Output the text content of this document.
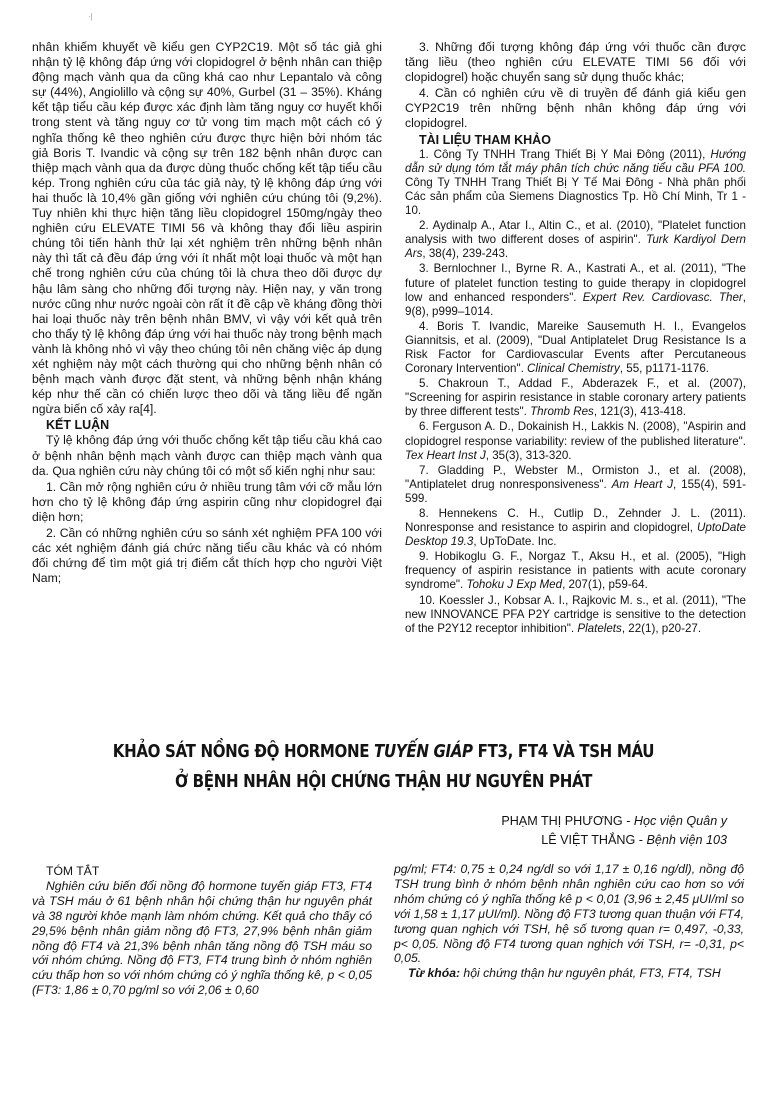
·|

nhân khiếm khuyết về kiểu gen CYP2C19. Một số tác giả ghi nhận tỷ lệ không đáp ứng với clopidogrel ở bệnh nhân can thiệp động mạch vành qua da cũng khá cao như Lepantalo và công sự (44%), Angiolillo và cộng sự 40%, Gurbel (31 – 35%). Kháng kết tập tiểu cầu kép được xác định làm tăng nguy cơ huyết khối trong stent và tăng nguy cơ tử vong tim mạch một cách có ý nghĩa thống kê theo nghiên cứu được thực hiện bởi nhóm tác giả Boris T. Ivandic và cộng sự trên 182 bệnh nhân được can thiệp mạch vành qua da được dùng thuốc chống kết tập tiểu cầu kép. Trong nghiên cứu của tác giả này, tỷ lệ không đáp ứng với hai thuốc là 10,4% gần giống với nghiên cứu chúng tôi (9,2%). Tuy nhiên khi thực hiện tăng liều clopidogrel 150mg/ngày theo nghiên cứu ELEVATE TIMI 56 và không thay đổi liều aspirin chúng tôi tiến hành thử lại xét nghiệm trên những bệnh nhân này thì tất cả đều đáp ứng với ít nhất một loại thuốc và một hạn chế trong nghiên cứu của chúng tôi là chưa theo dõi được dự hậu lâm sàng cho những đối tượng này. Hiện nay, y văn trong nước cũng như nước ngoài còn rất ít đề cập về kháng đồng thời hai loại thuốc này trên bệnh nhân BMV, vì vậy với kết quả trên cho thấy tỷ lệ không đáp ứng với hai thuốc này trong bệnh mạch vành là không nhỏ vì vậy theo chúng tôi nên chăng việc áp dụng xét nghiệm này một cách thường qui cho những bệnh nhân có bệnh mạch vành được đặt stent, và những bệnh nhận kháng kép như thế cần có chiến lược theo dõi và tăng liều để ngăn ngừa biến cố xảy ra[4].

KẾT LUẬN

Tỷ lệ không đáp ứng với thuốc chống kết tập tiểu cầu khá cao ở bệnh nhân bệnh mạch vành được can thiệp mạch vành qua da. Qua nghiên cứu này chúng tôi có một số kiến nghị như sau:

1. Cần mở rộng nghiên cứu ở nhiều trung tâm với cỡ mẫu lớn hơn cho tỷ lệ không đáp ứng aspirin cũng như clopidogrel đại diện hơn;

2. Cần có những nghiên cứu so sánh xét nghiệm PFA 100 với các xét nghiệm đánh giá chức năng tiểu cầu khác và có nhóm đối chứng để tìm một giá trị điểm cắt thích hợp cho người Việt Nam;

3. Những đối tượng không đáp ứng với thuốc cần được tăng liều (theo nghiên cứu ELEVATE TIMI 56 đối với clopidogrel) hoặc chuyển sang sử dụng thuốc khác;

4. Cần có nghiên cứu về di truyền để đánh giá kiểu gen CYP2C19 trên những bệnh nhân không đáp ứng với clopidogrel.

TÀI LIỆU THAM KHẢO

1. Công Ty TNHH Trang Thiết Bị Y Mai Đông (2011), Hướng dẫn sử dụng tóm tắt máy phân tích chức năng tiểu cầu PFA 100. Công Ty TNHH Trang Thiết Bị Y Tế Mai Đông - Nhà phân phối Các sản phẩm của Siemens Diagnostics Tp. Hồ Chí Minh, Tr 1 - 10.

2. Aydinalp A., Atar I., Altin C., et al. (2010), "Platelet function analysis with two different doses of aspirin". Turk Kardiyol Dern Ars, 38(4), 239-243.

3. Bernlochner I., Byrne R. A., Kastrati A., et al. (2011), "The future of platelet function testing to guide therapy in clopidogrel low and enhanced responders". Expert Rev. Cardiovasc. Ther, 9(8), p999–1014.

4. Boris T. Ivandic, Mareike Sausemuth H. I., Evangelos Giannitsis, et al. (2009), "Dual Antiplatelet Drug Resistance Is a Risk Factor for Cardiovascular Events after Percutaneous Coronary Intervention". Clinical Chemistry, 55, p1171-1176.

5. Chakroun T., Addad F., Abderazek F., et al. (2007), "Screening for aspirin resistance in stable coronary artery patients by three different tests". Thromb Res, 121(3), 413-418.

6. Ferguson A. D., Dokainish H., Lakkis N. (2008), "Aspirin and clopidogrel response variability: review of the published literature". Tex Heart Inst J, 35(3), 313-320.

7. Gladding P., Webster M., Ormiston J., et al. (2008), "Antiplatelet drug nonresponsiveness". Am Heart J, 155(4), 591-599.

8. Hennekens C. H., Cutlip D., Zehnder J. L. (2011). Nonresponse and resistance to aspirin and clopidogrel, UptoDate Desktop 19.3, UpToDate. Inc.

9. Hobikoglu G. F., Norgaz T., Aksu H., et al. (2005), "High frequency of aspirin resistance in patients with acute coronary syndrome". Tohoku J Exp Med, 207(1), p59-64.

10. Koessler J., Kobsar A. I., Rajkovic M. s., et al. (2011), "The new INNOVANCE PFA P2Y cartridge is sensitive to the detection of the P2Y12 receptor inhibition". Platelets, 22(1), p20-27.

KHẢO SÁT NỒNG ĐỘ HORMONE TUYẾN GIÁP FT3, FT4 VÀ TSH MÁU
Ở BỆNH NHÂN HỘI CHỨNG THẬN HƯ NGUYÊN PHÁT
PHẠM THỊ PHƯƠNG - Học viện Quân y
LÊ VIỆT THẮNG - Bệnh viện 103

TÓM TẮT

Nghiên cứu biến đổi nồng độ hormone tuyến giáp FT3, FT4 và TSH máu ở 61 bệnh nhân hội chứng thận hư nguyên phát và 38 người khỏe mạnh làm nhóm chứng. Kết quả cho thấy có 29,5% bệnh nhân giảm nồng độ FT3, 27,9% bệnh nhân giảm nồng độ FT4 và 21,3% bệnh nhân tăng nồng độ TSH máu so với nhóm chứng. Nồng độ FT3, FT4 trung bình ở nhóm nghiên cứu thấp hơn so với nhóm chứng có ý nghĩa thống kê, p < 0,05 (FT3: 1,86 ± 0,70 pg/ml so với 2,06 ± 0,60

pg/ml; FT4: 0,75 ± 0,24 ng/dl so với 1,17 ± 0,16 ng/dl), nồng độ TSH trung bình ở nhóm bệnh nhân nghiên cứu cao hơn so với nhóm chứng có ý nghĩa thống kê p < 0,01 (3,96 ± 2,45 μUI/ml so với 1,58 ± 1,17 μUI/ml). Nồng độ FT3 tương quan thuận với FT4, tương quan nghịch với TSH, hệ số tương quan r= 0,497, -0,33, p< 0,05. Nồng độ FT4 tương quan nghịch với TSH, r= -0,31, p< 0,05.

Từ khóa: hội chứng thận hư nguyên phát, FT3, FT4, TSH
